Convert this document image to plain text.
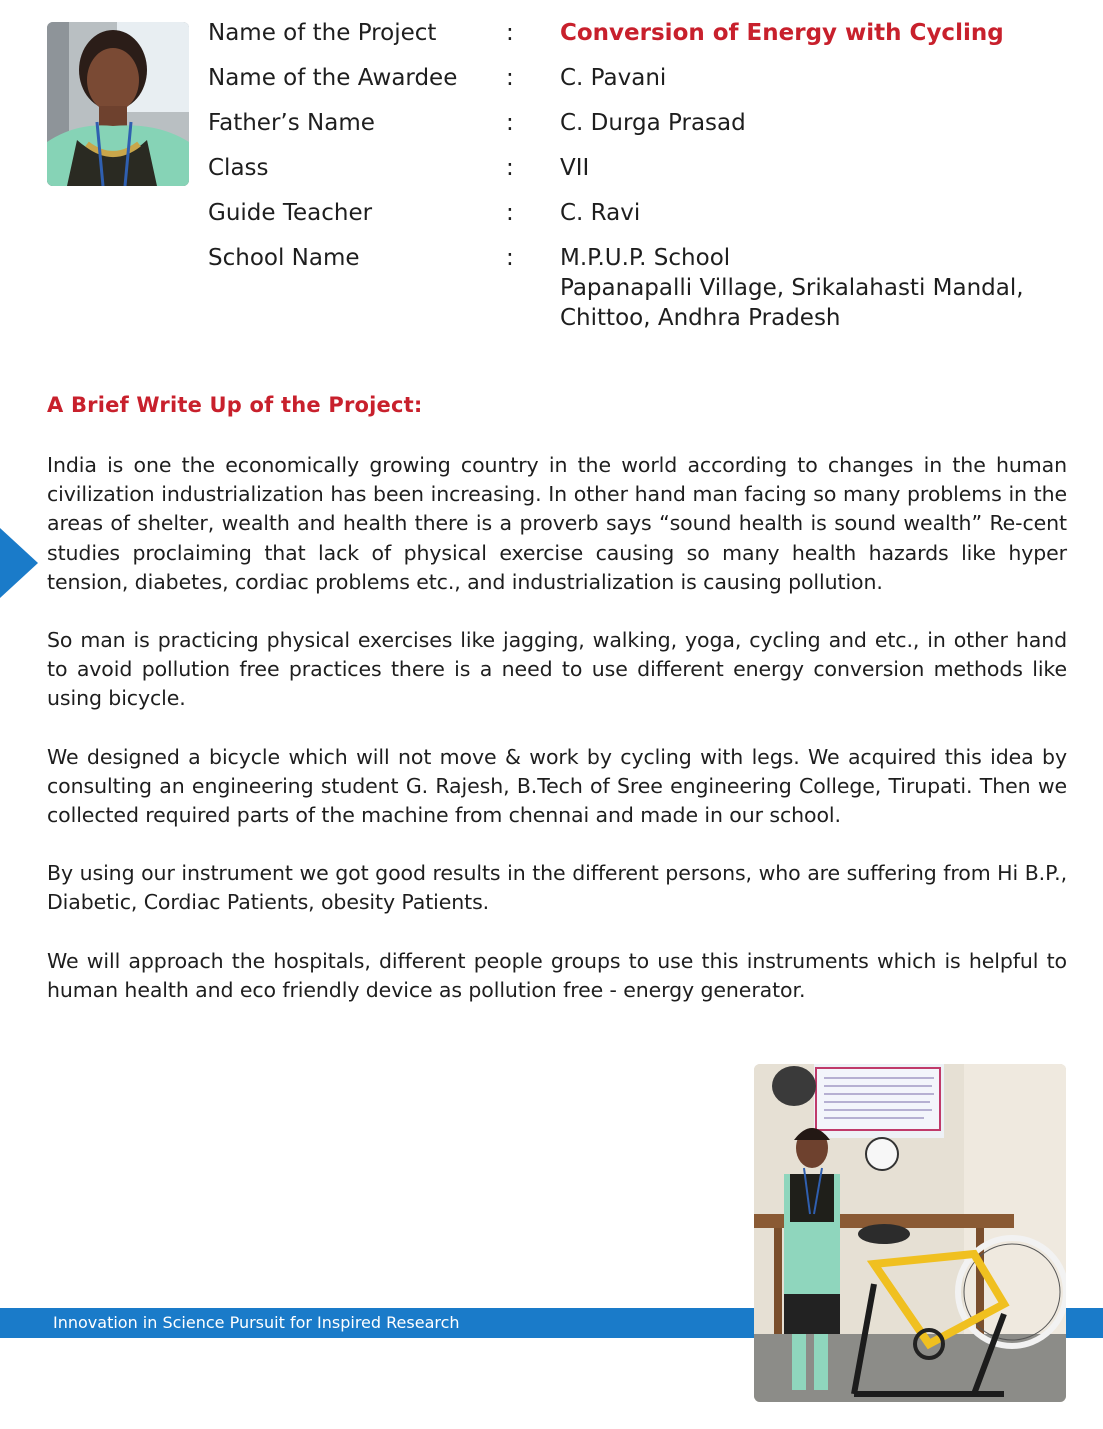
Name of the Project	:	Conversion of Energy with Cycling
Name of the Awardee	:	C. Pavani
Father’s Name	:	C. Durga Prasad
Class	:	VII
Guide Teacher	:	C. Ravi
School Name	:	M.P.U.P. School
Papanapalli Village, Srikalahasti Mandal,
Chittoo, Andhra Pradesh
A Brief Write Up of the Project:

India is one the economically growing country in the world according to changes in the human civilization industrialization has been increasing. In other hand man facing so many problems in the areas of shelter, wealth and health there is a proverb says “sound health is sound wealth” Re-cent studies proclaiming that lack of physical exercise causing so many health hazards like hyper tension, diabetes, cordiac problems etc., and industrialization is causing pollution.

So man is practicing physical exercises like jagging, walking, yoga, cycling and etc., in other hand to avoid pollution free practices there is a need to use different energy conversion methods like using bicycle.

We designed a bicycle which will not move & work by cycling with legs. We acquired this idea by consulting an engineering student G. Rajesh, B.Tech of Sree engineering College, Tirupati. Then we collected required parts of the machine from chennai and made in our school.

By using our instrument we got good results in the different persons, who are suffering from Hi B.P., Diabetic, Cordiac Patients, obesity Patients.

We will approach the hospitals, different people groups to use this instruments which is helpful to human health and eco friendly device as pollution free - energy generator.

Innovation in Science Pursuit for Inspired Research
